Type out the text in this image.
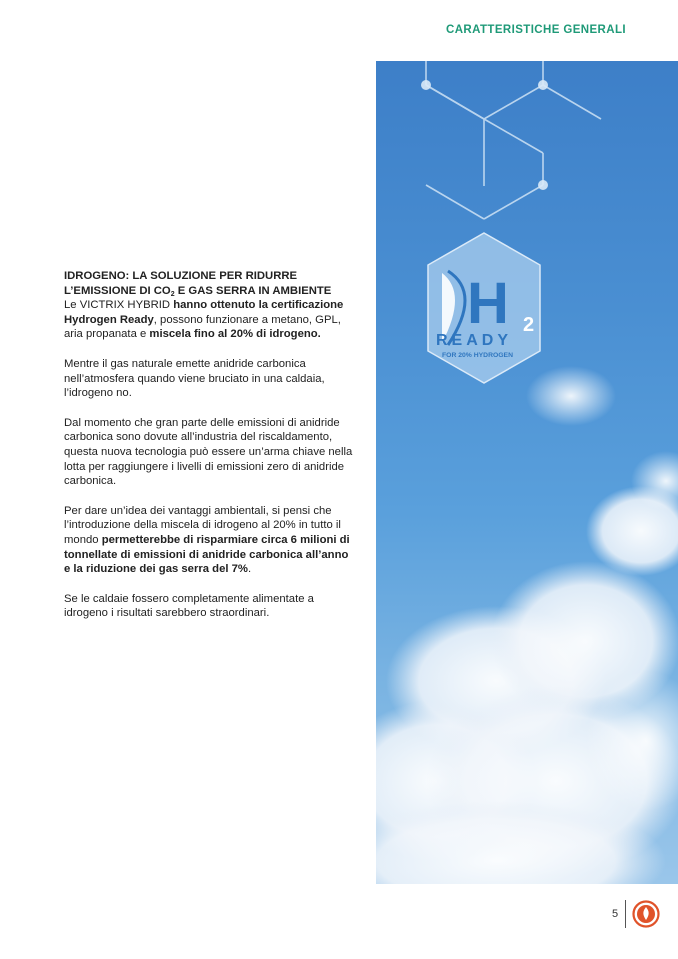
CARATTERISTICHE GENERALI
H 2
READY
FOR 20% HYDROGEN
IDROGENO: LA SOLUZIONE PER RIDURRE
L’EMISSIONE DI $CO_2$ E GAS SERRA IN AMBIENTE

Le VICTRIX HYBRID hanno ottenuto la certificazione Hydrogen Ready, possono funzionare a metano, GPL, aria propanata e miscela fino al 20% di idrogeno.

Mentre il gas naturale emette anidride carbonica nell’atmosfera quando viene bruciato in una caldaia, l’idrogeno no.

Dal momento che gran parte delle emissioni di anidride carbonica sono dovute all’industria del riscaldamento, questa nuova tecnologia può essere un’arma chiave nella lotta per raggiungere i livelli di emissioni zero di anidride carbonica.

Per dare un’idea dei vantaggi ambientali, si pensi che l’introduzione della miscela di idrogeno al 20% in tutto il mondo permetterebbe di risparmiare circa 6 milioni di tonnellate di emissioni di anidride carbonica all’anno e la riduzione dei gas serra del 7%.

Se le caldaie fossero completamente alimentate a idrogeno i risultati sarebbero straordinari.

5
